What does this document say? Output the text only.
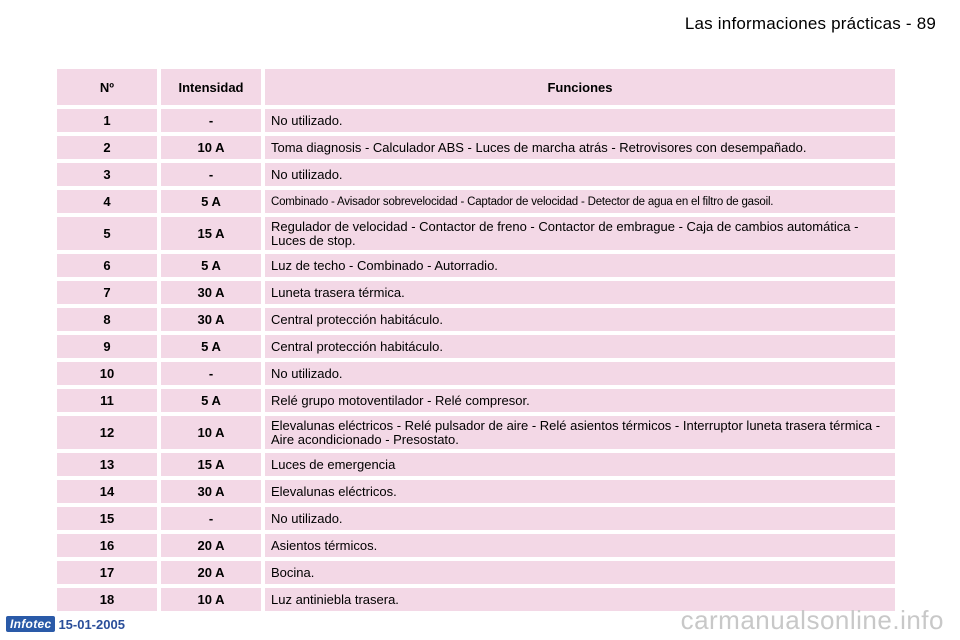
Las informaciones prácticas - 89
Nº	Intensidad	Funciones
1	-	No utilizado.
2	10 A	Toma diagnosis - Calculador ABS - Luces de marcha atrás - Retrovisores con desempañado.
3	-	No utilizado.
4	5 A	Combinado - Avisador sobrevelocidad - Captador de velocidad - Detector de agua en el filtro de gasoil.
5	15 A	Regulador de velocidad - Contactor de freno - Contactor de embrague - Caja de cambios automática - Luces de stop.
6	5 A	Luz de techo - Combinado - Autorradio.
7	30 A	Luneta trasera térmica.
8	30 A	Central protección habitáculo.
9	5 A	Central protección habitáculo.
10	-	No utilizado.
11	5 A	Relé grupo motoventilador - Relé compresor.
12	10 A	Elevalunas eléctricos - Relé pulsador de aire - Relé asientos térmicos - Interruptor luneta trasera térmica - Aire acondicionado - Presostato.
13	15 A	Luces de emergencia
14	30 A	Elevalunas eléctricos.
15	-	No utilizado.
16	20 A	Asientos térmicos.
17	20 A	Bocina.
18	10 A	Luz antiniebla trasera.
Infotec 15-01-2005	carmanualsonline.info
